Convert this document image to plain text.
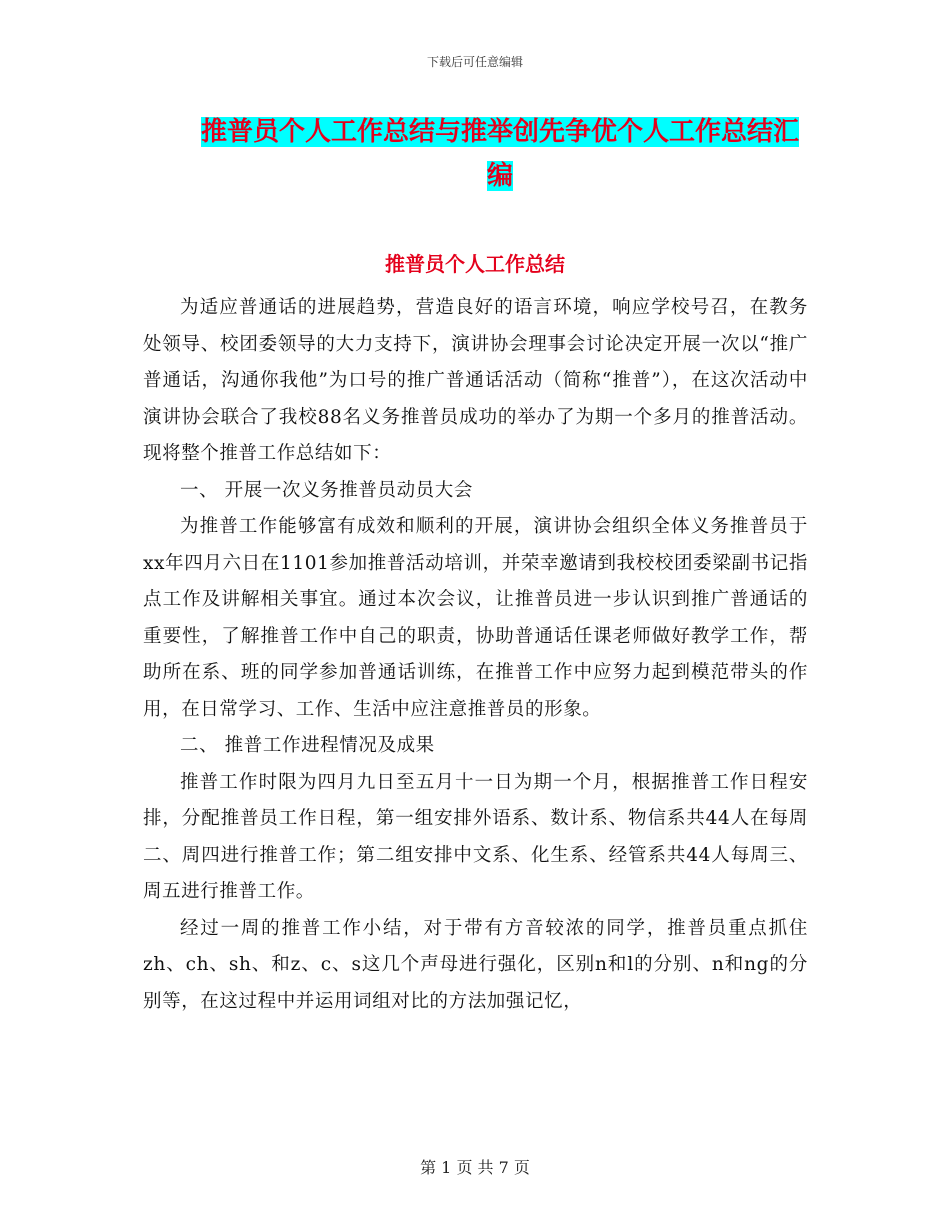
下载后可任意编辑
推普员个人工作总结与推举创先争优个人工作总结汇编
推普员个人工作总结

为适应普通话的进展趋势，营造良好的语言环境，响应学校号召，在教务处领导、校团委领导的大力支持下，演讲协会理事会讨论决定开展一次以“推广普通话，沟通你我他”为口号的推广普通话活动（简称“推普”），在这次活动中演讲协会联合了我校88名义务推普员成功的举办了为期一个多月的推普活动。现将整个推普工作总结如下：

一、 开展一次义务推普员动员大会

为推普工作能够富有成效和顺利的开展，演讲协会组织全体义务推普员于xx年四月六日在1101参加推普活动培训，并荣幸邀请到我校校团委梁副书记指点工作及讲解相关事宜。通过本次会议，让推普员进一步认识到推广普通话的重要性，了解推普工作中自己的职责，协助普通话任课老师做好教学工作，帮助所在系、班的同学参加普通话训练，在推普工作中应努力起到模范带头的作用，在日常学习、工作、生活中应注意推普员的形象。

二、 推普工作进程情况及成果

推普工作时限为四月九日至五月十一日为期一个月，根据推普工作日程安排，分配推普员工作日程，第一组安排外语系、数计系、物信系共44人在每周二、周四进行推普工作；第二组安排中文系、化生系、经管系共44人每周三、周五进行推普工作。

经过一周的推普工作小结，对于带有方音较浓的同学，推普员重点抓住zh、ch、sh、和z、c、s这几个声母进行强化，区别n和l的分别、n和ng的分别等，在这过程中并运用词组对比的方法加强记忆，

第 1 页 共 7 页
